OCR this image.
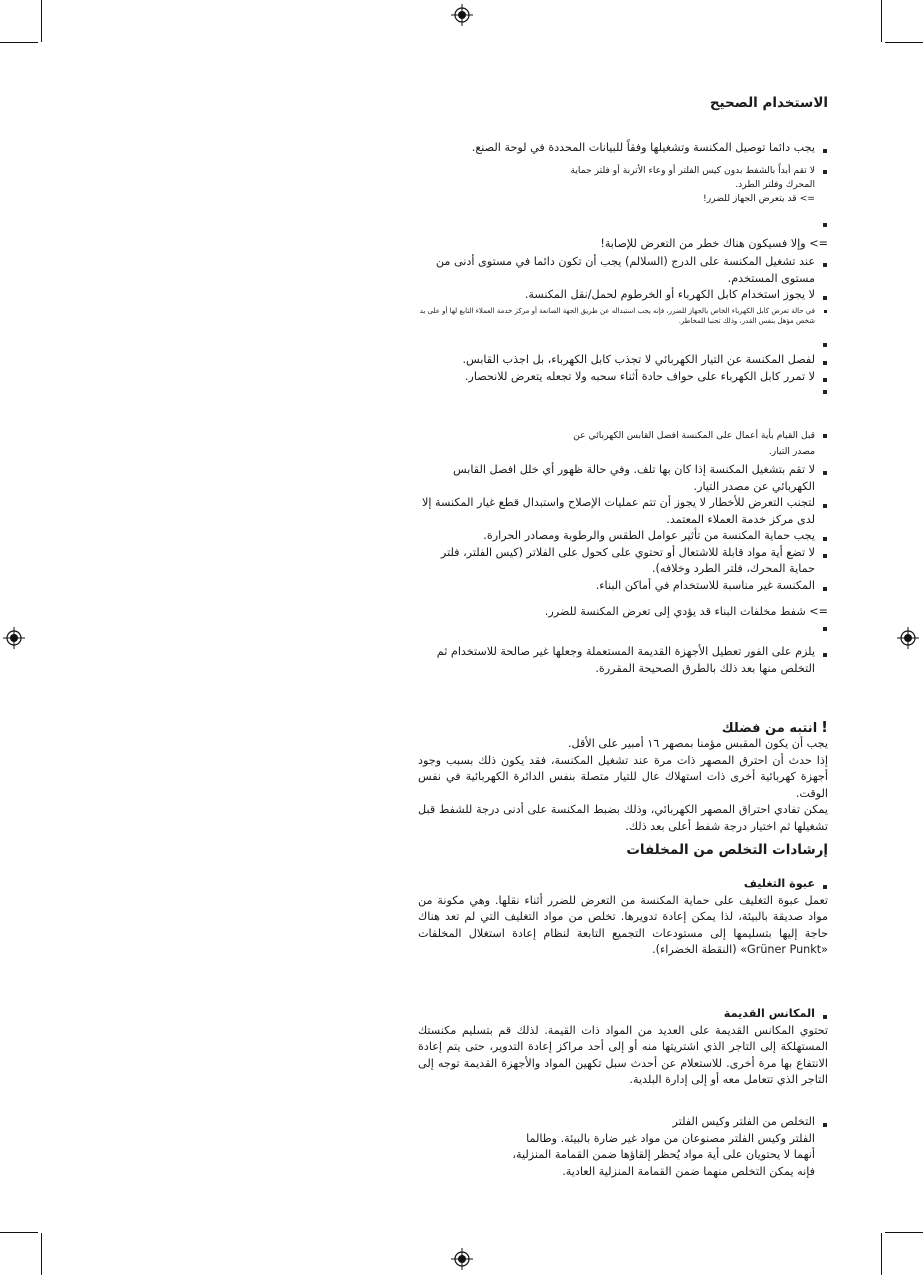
الاستخدام الصحيح
يجب دائما توصيل المكنسة وتشغيلها وفقاً للبيانات المحددة في لوحة الصنع.
لا تقم أبداً بالشفط بدون كيس الفلتر أو وعاء الأتربة أو فلتر حماية المحرك وفلتر الطرد.
=> قد يتعرض الجهاز للضرر!

=> وإلا فسيكون هناك خطر من التعرض للإصابة!

عند تشغيل المكنسة على الدرج (السلالم) يجب أن تكون دائما في مستوى أدنى من مستوى المستخدم.
لا يجوز استخدام كابل الكهرباء أو الخرطوم لحمل/نقل المكنسة.
في حالة تعرض كابل الكهرباء الخاص بالجهاز للضرر، فإنه يجب استبداله عن طريق الجهة الصانعة أو مركز خدمة العملاء التابع لها أو على يد شخص مؤهل بنفس القدر، وذلك تجنبا للمخاطر.
لفصل المكنسة عن التيار الكهربائي لا تجذب كابل الكهرباء، بل اجذب القابس.
لا تمرر كابل الكهرباء على حواف حادة أثناء سحبه ولا تجعله يتعرض للانحصار.
قبل القيام بأية أعمال على المكنسة افصل القابس الكهربائي عن مصدر التيار.
لا تقم بتشغيل المكنسة إذا كان بها تلف. وفي حالة ظهور أي خلل افصل القابس الكهربائي عن مصدر التيار.
لتجنب التعرض للأخطار لا يجوز أن تتم عمليات الإصلاح واستبدال قطع غيار المكنسة إلا لدى مركز خدمة العملاء المعتمد.
يجب حماية المكنسة من تأثير عوامل الطقس والرطوبة ومصادر الحرارة.
لا تضع أية مواد قابلة للاشتعال أو تحتوي على كحول على الفلاتر (كيس الفلتر، فلتر حماية المحرك، فلتر الطرد وخلافه).
المكنسة غير مناسبة للاستخدام في أماكن البناء.

=> شفط مخلفات البناء قد يؤدي إلى تعرض المكنسة للضرر.

يلزم على الفور تعطيل الأجهزة القديمة المستعملة وجعلها غير صالحة للاستخدام ثم التخلص منها بعد ذلك بالطرق الصحيحة المقررة.
!انتبه من فضلك

يجب أن يكون المقبس مؤمنا بمصهر ١٦ أمبير على الأقل.

إذا حدث أن احترق المصهر ذات مرة عند تشغيل المكنسة، فقد يكون ذلك بسبب وجود أجهزة كهربائية أخرى ذات استهلاك عال للتيار متصلة بنفس الدائرة الكهربائية في نفس الوقت.

يمكن تفادي احتراق المصهر الكهربائي، وذلك بضبط المكنسة على أدنى درجة للشفط قبل تشغيلها ثم اختيار درجة شفط أعلى بعد ذلك.

إرشادات التخلص من المخلفات
عبوة التغليف

تعمل عبوة التغليف على حماية المكنسة من التعرض للضرر أثناء نقلها. وهي مكونة من مواد صديقة بالبيئة، لذا يمكن إعادة تدويرها. تخلص من مواد التغليف التي لم تعد هناك حاجة إليها بتسليمها إلى مستودعات التجميع التابعة لنظام إعادة استغلال المخلفات «Grüner Punkt» (النقطة الخضراء).

المكانس القديمة

تحتوي المكانس القديمة على العديد من المواد ذات القيمة. لذلك قم بتسليم مكنستك المستهلكة إلى التاجر الذي اشتريتها منه أو إلى أحد مراكز إعادة التدوير، حتى يتم إعادة الانتفاع بها مرة أخرى. للاستعلام عن أحدث سبل تكهين المواد والأجهزة القديمة توجه إلى التاجر الذي تتعامل معه أو إلى إدارة البلدية.

التخلص من الفلتر وكيس الفلتر

الفلتر وكيس الفلتر مصنوعان من مواد غير ضارة بالبيئة. وطالما

أنهما لا يحتويان على أية مواد يُحظر إلقاؤها ضمن القمامة المنزلية،

فإنه يمكن التخلص منهما ضمن القمامة المنزلية العادية.
